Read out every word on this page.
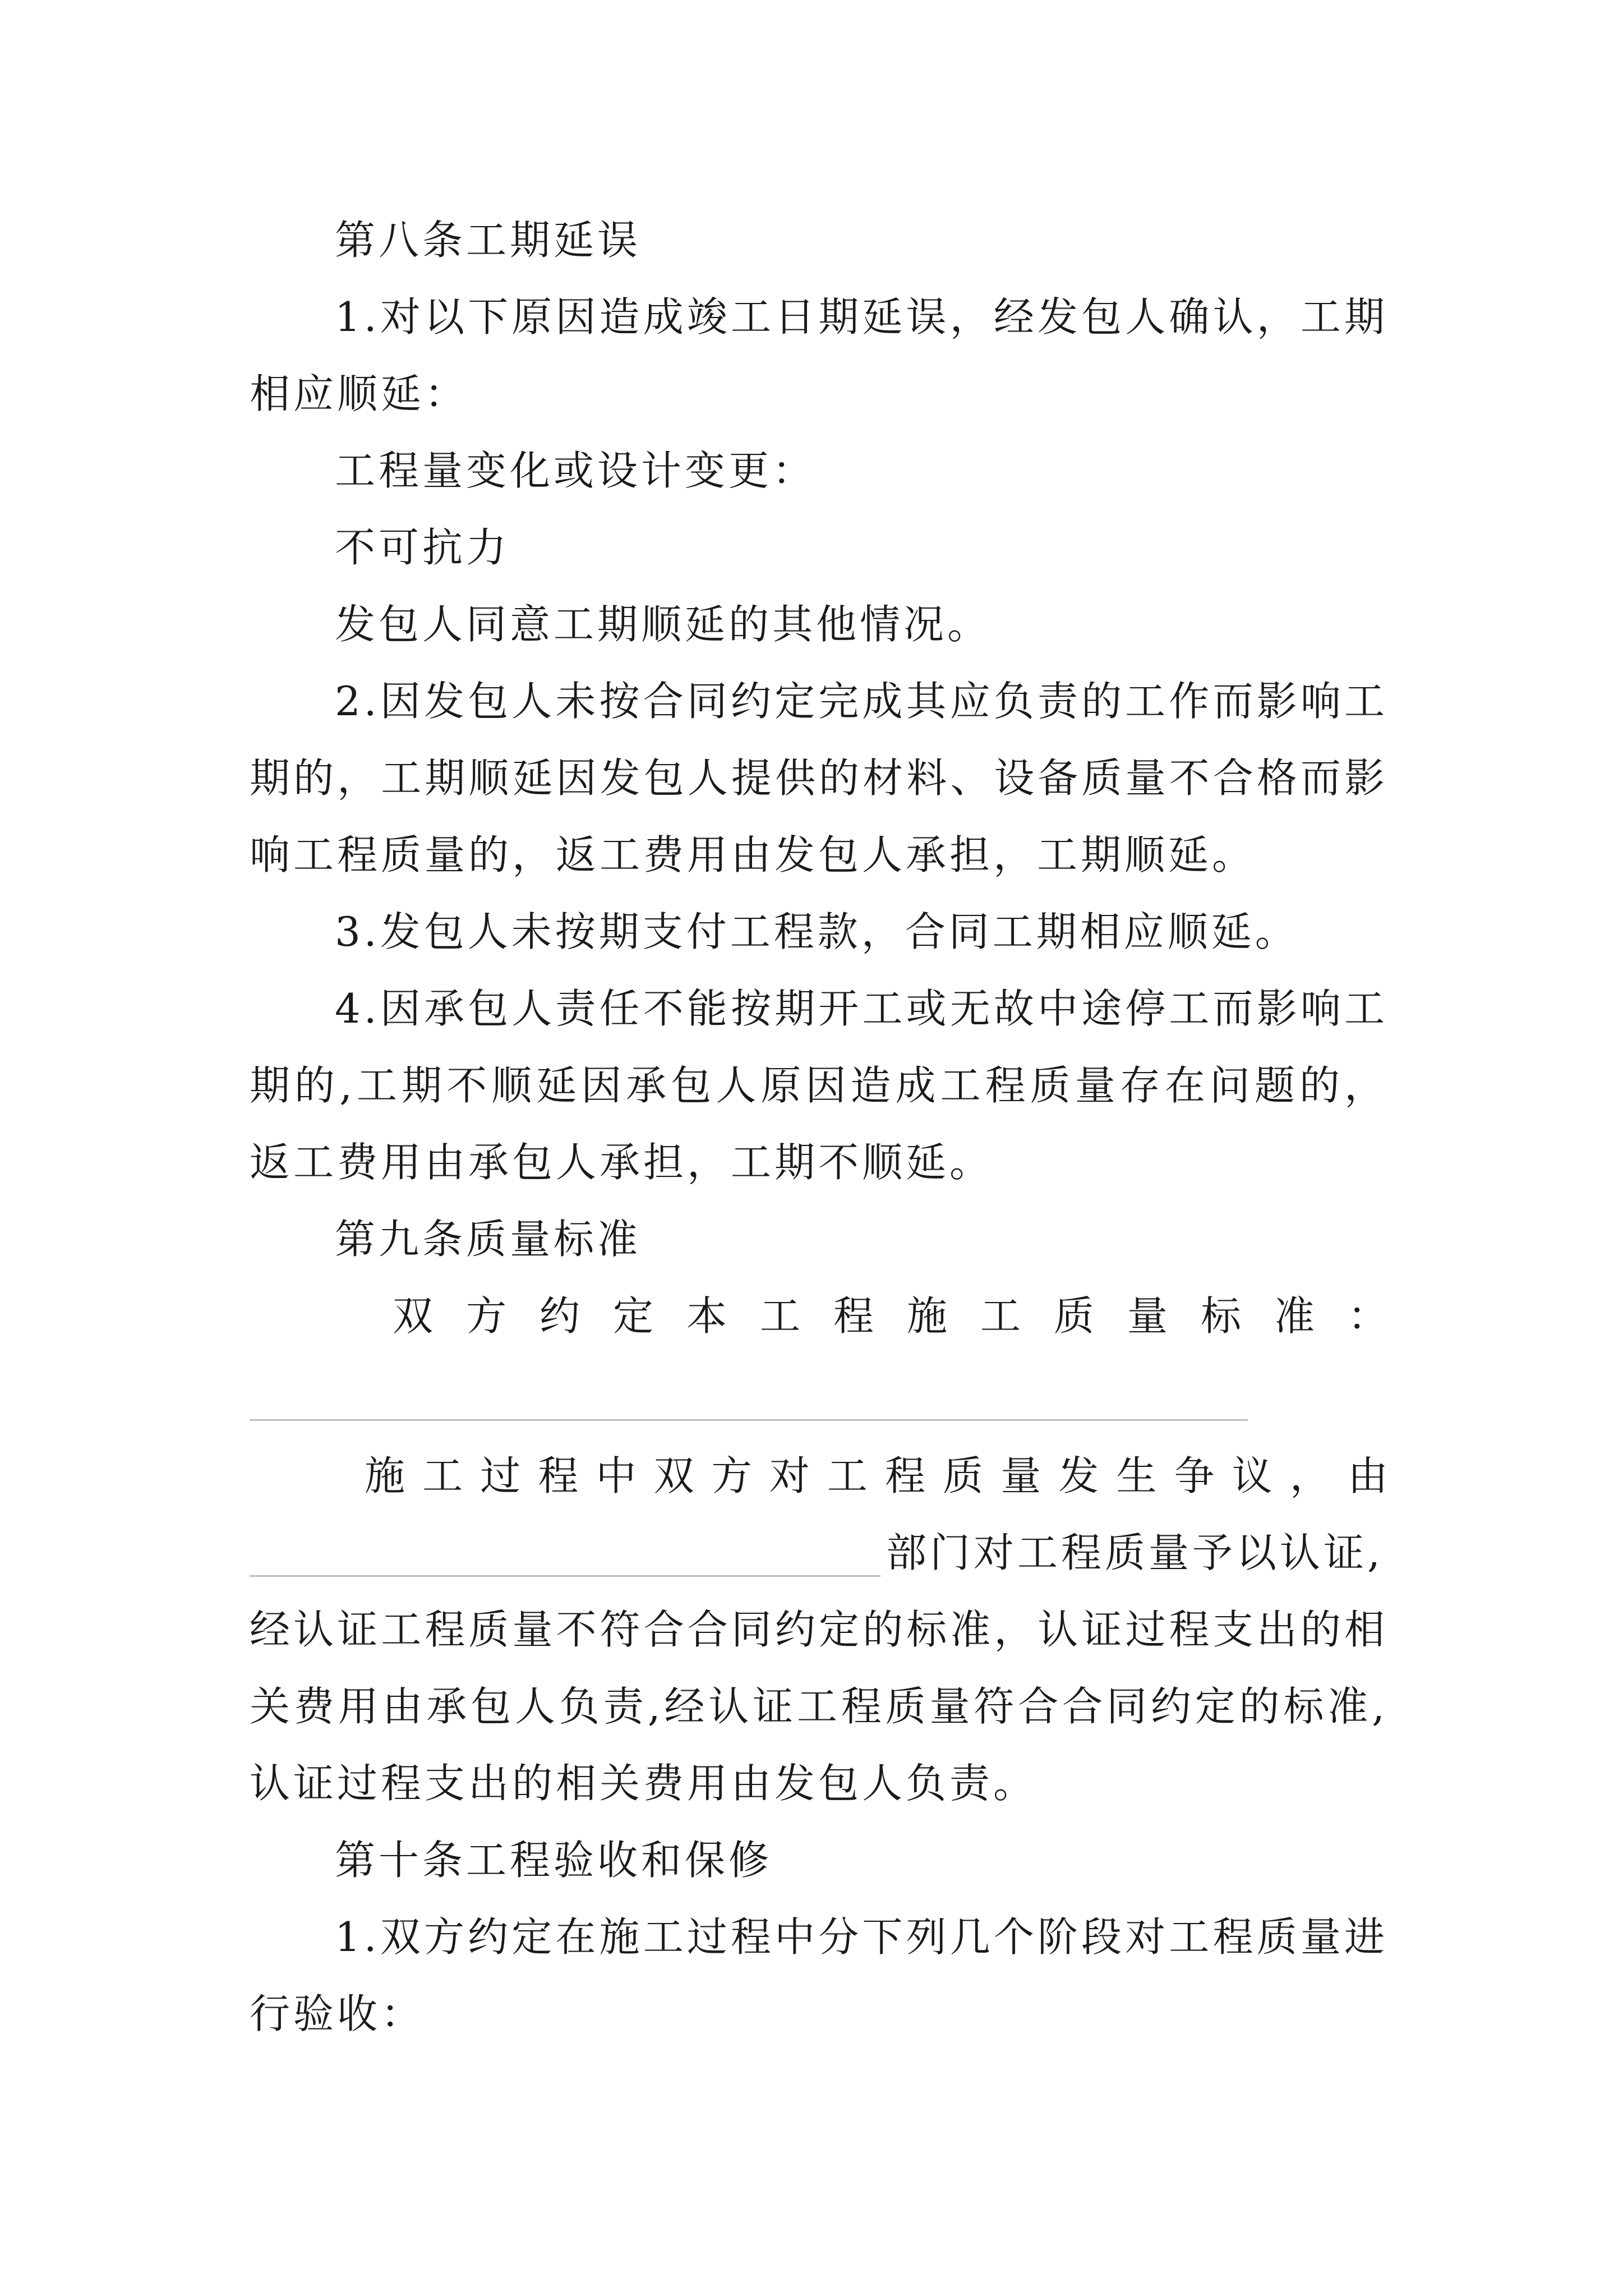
第八条工期延误
1.对以下原因造成竣工日期延误，经发包人确认，工期相应顺延：
工程量变化或设计变更：
不可抗力
发包人同意工期顺延的其他情况。
2.因发包人未按合同约定完成其应负责的工作而影响工期的，工期顺延因发包人提供的材料、设备质量不合格而影响工程质量的，返工费用由发包人承担，工期顺延。
3.发包人未按期支付工程款，合同工期相应顺延。
4.因承包人责任不能按期开工或无故中途停工而影响工期的,工期不顺延因承包人原因造成工程质量存在问题的，返工费用由承包人承担，工期不顺延。
第九条质量标准
双方约定本工程施工质量标准：
施工过程中双方对工程质量发生争议，由
部门对工程质量予以认证,
经认证工程质量不符合合同约定的标准，认证过程支出的相关费用由承包人负责,经认证工程质量符合合同约定的标准,认证过程支出的相关费用由发包人负责。
第十条工程验收和保修
1.双方约定在施工过程中分下列几个阶段对工程质量进行验收：
